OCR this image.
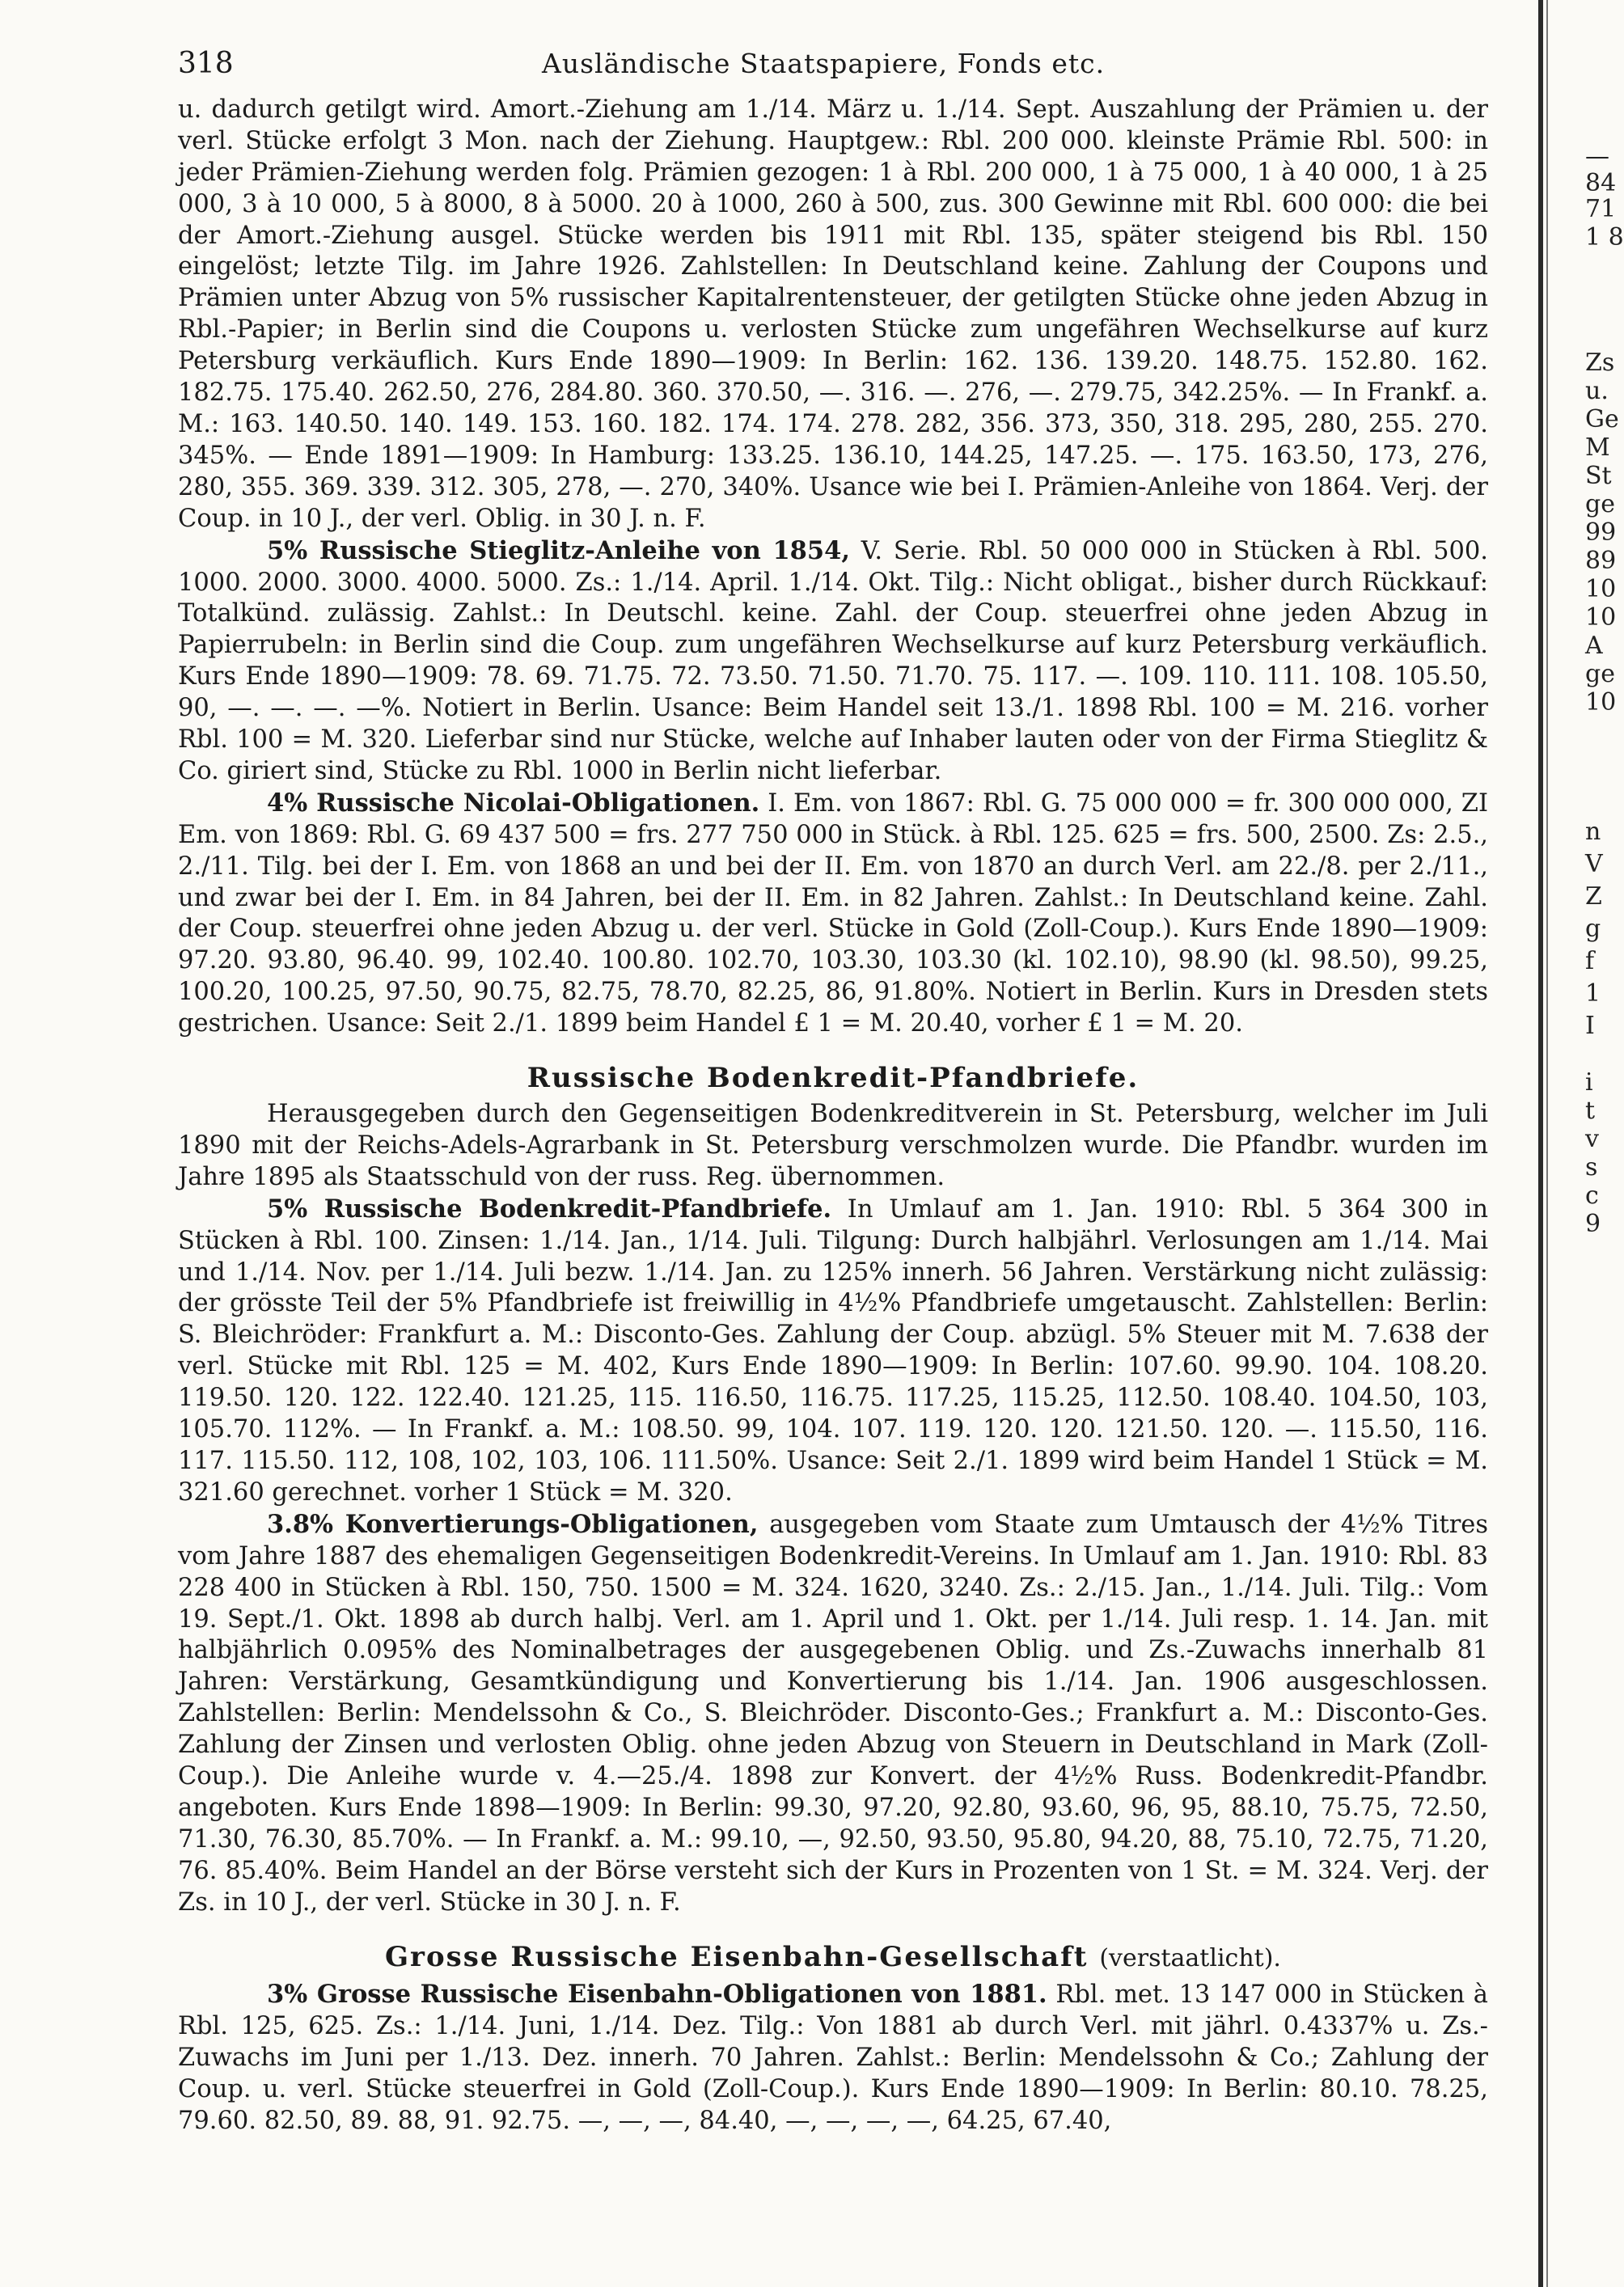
318	Ausländische Staatspapiere, Fonds etc.

u. dadurch getilgt wird. Amort.-Ziehung am 1./14. März u. 1./14. Sept. Auszahlung der Prämien u. der verl. Stücke erfolgt 3 Mon. nach der Ziehung. Hauptgew.: Rbl. 200 000. kleinste Prämie Rbl. 500: in jeder Prämien-Ziehung werden folg. Prämien gezogen: 1 à Rbl. 200 000, 1 à 75 000, 1 à 40 000, 1 à 25 000, 3 à 10 000, 5 à 8000, 8 à 5000. 20 à 1000, 260 à 500, zus. 300 Gewinne mit Rbl. 600 000: die bei der Amort.-Ziehung ausgel. Stücke werden bis 1911 mit Rbl. 135, später steigend bis Rbl. 150 eingelöst; letzte Tilg. im Jahre 1926. Zahlstellen: In Deutschland keine. Zahlung der Coupons und Prämien unter Abzug von 5% russischer Kapitalrentensteuer, der getilgten Stücke ohne jeden Abzug in Rbl.-Papier; in Berlin sind die Coupons u. verlosten Stücke zum ungefähren Wechselkurse auf kurz Petersburg verkäuflich. Kurs Ende 1890—1909: In Berlin: 162. 136. 139.20. 148.75. 152.80. 162. 182.75. 175.40. 262.50, 276, 284.80. 360. 370.50, —. 316. —. 276, —. 279.75, 342.25%. — In Frankf. a. M.: 163. 140.50. 140. 149. 153. 160. 182. 174. 174. 278. 282, 356. 373, 350, 318. 295, 280, 255. 270. 345%. — Ende 1891—1909: In Hamburg: 133.25. 136.10, 144.25, 147.25. —. 175. 163.50, 173, 276, 280, 355. 369. 339. 312. 305, 278, —. 270, 340%. Usance wie bei I. Prämien-Anleihe von 1864. Verj. der Coup. in 10 J., der verl. Oblig. in 30 J. n. F.

5% Russische Stieglitz-Anleihe von 1854, V. Serie. Rbl. 50 000 000 in Stücken à Rbl. 500. 1000. 2000. 3000. 4000. 5000. Zs.: 1./14. April. 1./14. Okt. Tilg.: Nicht obligat., bisher durch Rückkauf: Totalkünd. zulässig. Zahlst.: In Deutschl. keine. Zahl. der Coup. steuerfrei ohne jeden Abzug in Papierrubeln: in Berlin sind die Coup. zum ungefähren Wechselkurse auf kurz Petersburg verkäuflich. Kurs Ende 1890—1909: 78. 69. 71.75. 72. 73.50. 71.50. 71.70. 75. 117. —. 109. 110. 111. 108. 105.50, 90, —. —. —. —%. Notiert in Berlin. Usance: Beim Handel seit 13./1. 1898 Rbl. 100 = M. 216. vorher Rbl. 100 = M. 320. Lieferbar sind nur Stücke, welche auf Inhaber lauten oder von der Firma Stieglitz & Co. giriert sind, Stücke zu Rbl. 1000 in Berlin nicht lieferbar.

4% Russische Nicolai-Obligationen. I. Em. von 1867: Rbl. G. 75 000 000 = fr. 300 000 000, ZI Em. von 1869: Rbl. G. 69 437 500 = frs. 277 750 000 in Stück. à Rbl. 125. 625 = frs. 500, 2500. Zs: 2.5., 2./11. Tilg. bei der I. Em. von 1868 an und bei der II. Em. von 1870 an durch Verl. am 22./8. per 2./11., und zwar bei der I. Em. in 84 Jahren, bei der II. Em. in 82 Jahren. Zahlst.: In Deutschland keine. Zahl. der Coup. steuerfrei ohne jeden Abzug u. der verl. Stücke in Gold (Zoll-Coup.). Kurs Ende 1890—1909: 97.20. 93.80, 96.40. 99, 102.40. 100.80. 102.70, 103.30, 103.30 (kl. 102.10), 98.90 (kl. 98.50), 99.25, 100.20, 100.25, 97.50, 90.75, 82.75, 78.70, 82.25, 86, 91.80%. Notiert in Berlin. Kurs in Dresden stets gestrichen. Usance: Seit 2./1. 1899 beim Handel £ 1 = M. 20.40, vorher £ 1 = M. 20.

Russische Bodenkredit-Pfandbriefe.

Herausgegeben durch den Gegenseitigen Bodenkreditverein in St. Petersburg, welcher im Juli 1890 mit der Reichs-Adels-Agrarbank in St. Petersburg verschmolzen wurde. Die Pfandbr. wurden im Jahre 1895 als Staatsschuld von der russ. Reg. übernommen.

5% Russische Bodenkredit-Pfandbriefe. In Umlauf am 1. Jan. 1910: Rbl. 5 364 300 in Stücken à Rbl. 100. Zinsen: 1./14. Jan., 1/14. Juli. Tilgung: Durch halbjährl. Verlosungen am 1./14. Mai und 1./14. Nov. per 1./14. Juli bezw. 1./14. Jan. zu 125% innerh. 56 Jahren. Verstärkung nicht zulässig: der grösste Teil der 5% Pfandbriefe ist freiwillig in 4½% Pfandbriefe umgetauscht. Zahlstellen: Berlin: S. Bleichröder: Frankfurt a. M.: Disconto-Ges. Zahlung der Coup. abzügl. 5% Steuer mit M. 7.638 der verl. Stücke mit Rbl. 125 = M. 402, Kurs Ende 1890—1909: In Berlin: 107.60. 99.90. 104. 108.20. 119.50. 120. 122. 122.40. 121.25, 115. 116.50, 116.75. 117.25, 115.25, 112.50. 108.40. 104.50, 103, 105.70. 112%. — In Frankf. a. M.: 108.50. 99, 104. 107. 119. 120. 120. 121.50. 120. —. 115.50, 116. 117. 115.50. 112, 108, 102, 103, 106. 111.50%. Usance: Seit 2./1. 1899 wird beim Handel 1 Stück = M. 321.60 gerechnet. vorher 1 Stück = M. 320.

3.8% Konvertierungs-Obligationen, ausgegeben vom Staate zum Umtausch der 4½% Titres vom Jahre 1887 des ehemaligen Gegenseitigen Bodenkredit-Vereins. In Umlauf am 1. Jan. 1910: Rbl. 83 228 400 in Stücken à Rbl. 150, 750. 1500 = M. 324. 1620, 3240. Zs.: 2./15. Jan., 1./14. Juli. Tilg.: Vom 19. Sept./1. Okt. 1898 ab durch halbj. Verl. am 1. April und 1. Okt. per 1./14. Juli resp. 1. 14. Jan. mit halbjährlich 0.095% des Nominalbetrages der ausgegebenen Oblig. und Zs.-Zuwachs innerhalb 81 Jahren: Verstärkung, Gesamtkündigung und Konvertierung bis 1./14. Jan. 1906 ausgeschlossen. Zahlstellen: Berlin: Mendelssohn & Co., S. Bleichröder. Disconto-Ges.; Frankfurt a. M.: Disconto-Ges. Zahlung der Zinsen und verlosten Oblig. ohne jeden Abzug von Steuern in Deutschland in Mark (Zoll-Coup.). Die Anleihe wurde v. 4.—25./4. 1898 zur Konvert. der 4½% Russ. Bodenkredit-Pfandbr. angeboten. Kurs Ende 1898—1909: In Berlin: 99.30, 97.20, 92.80, 93.60, 96, 95, 88.10, 75.75, 72.50, 71.30, 76.30, 85.70%. — In Frankf. a. M.: 99.10, —, 92.50, 93.50, 95.80, 94.20, 88, 75.10, 72.75, 71.20, 76. 85.40%. Beim Handel an der Börse versteht sich der Kurs in Prozenten von 1 St. = M. 324. Verj. der Zs. in 10 J., der verl. Stücke in 30 J. n. F.

Grosse Russische Eisenbahn-Gesellschaft (verstaatlicht).

3% Grosse Russische Eisenbahn-Obligationen von 1881. Rbl. met. 13 147 000 in Stücken à Rbl. 125, 625. Zs.: 1./14. Juni, 1./14. Dez. Tilg.: Von 1881 ab durch Verl. mit jährl. 0.4337% u. Zs.-Zuwachs im Juni per 1./13. Dez. innerh. 70 Jahren. Zahlst.: Berlin: Mendelssohn & Co.; Zahlung der Coup. u. verl. Stücke steuerfrei in Gold (Zoll-Coup.). Kurs Ende 1890—1909: In Berlin: 80.10. 78.25, 79.60. 82.50, 89. 88, 91. 92.75. —, —, —, 84.40, —, —, —, —, 64.25, 67.40,

—
84
71
1 8
Zs
u.
Ge
M
St
ge
99
89
10
10
A
ge
10
n
V
Z
g
f
1
I
i
t
v
s
c
9
